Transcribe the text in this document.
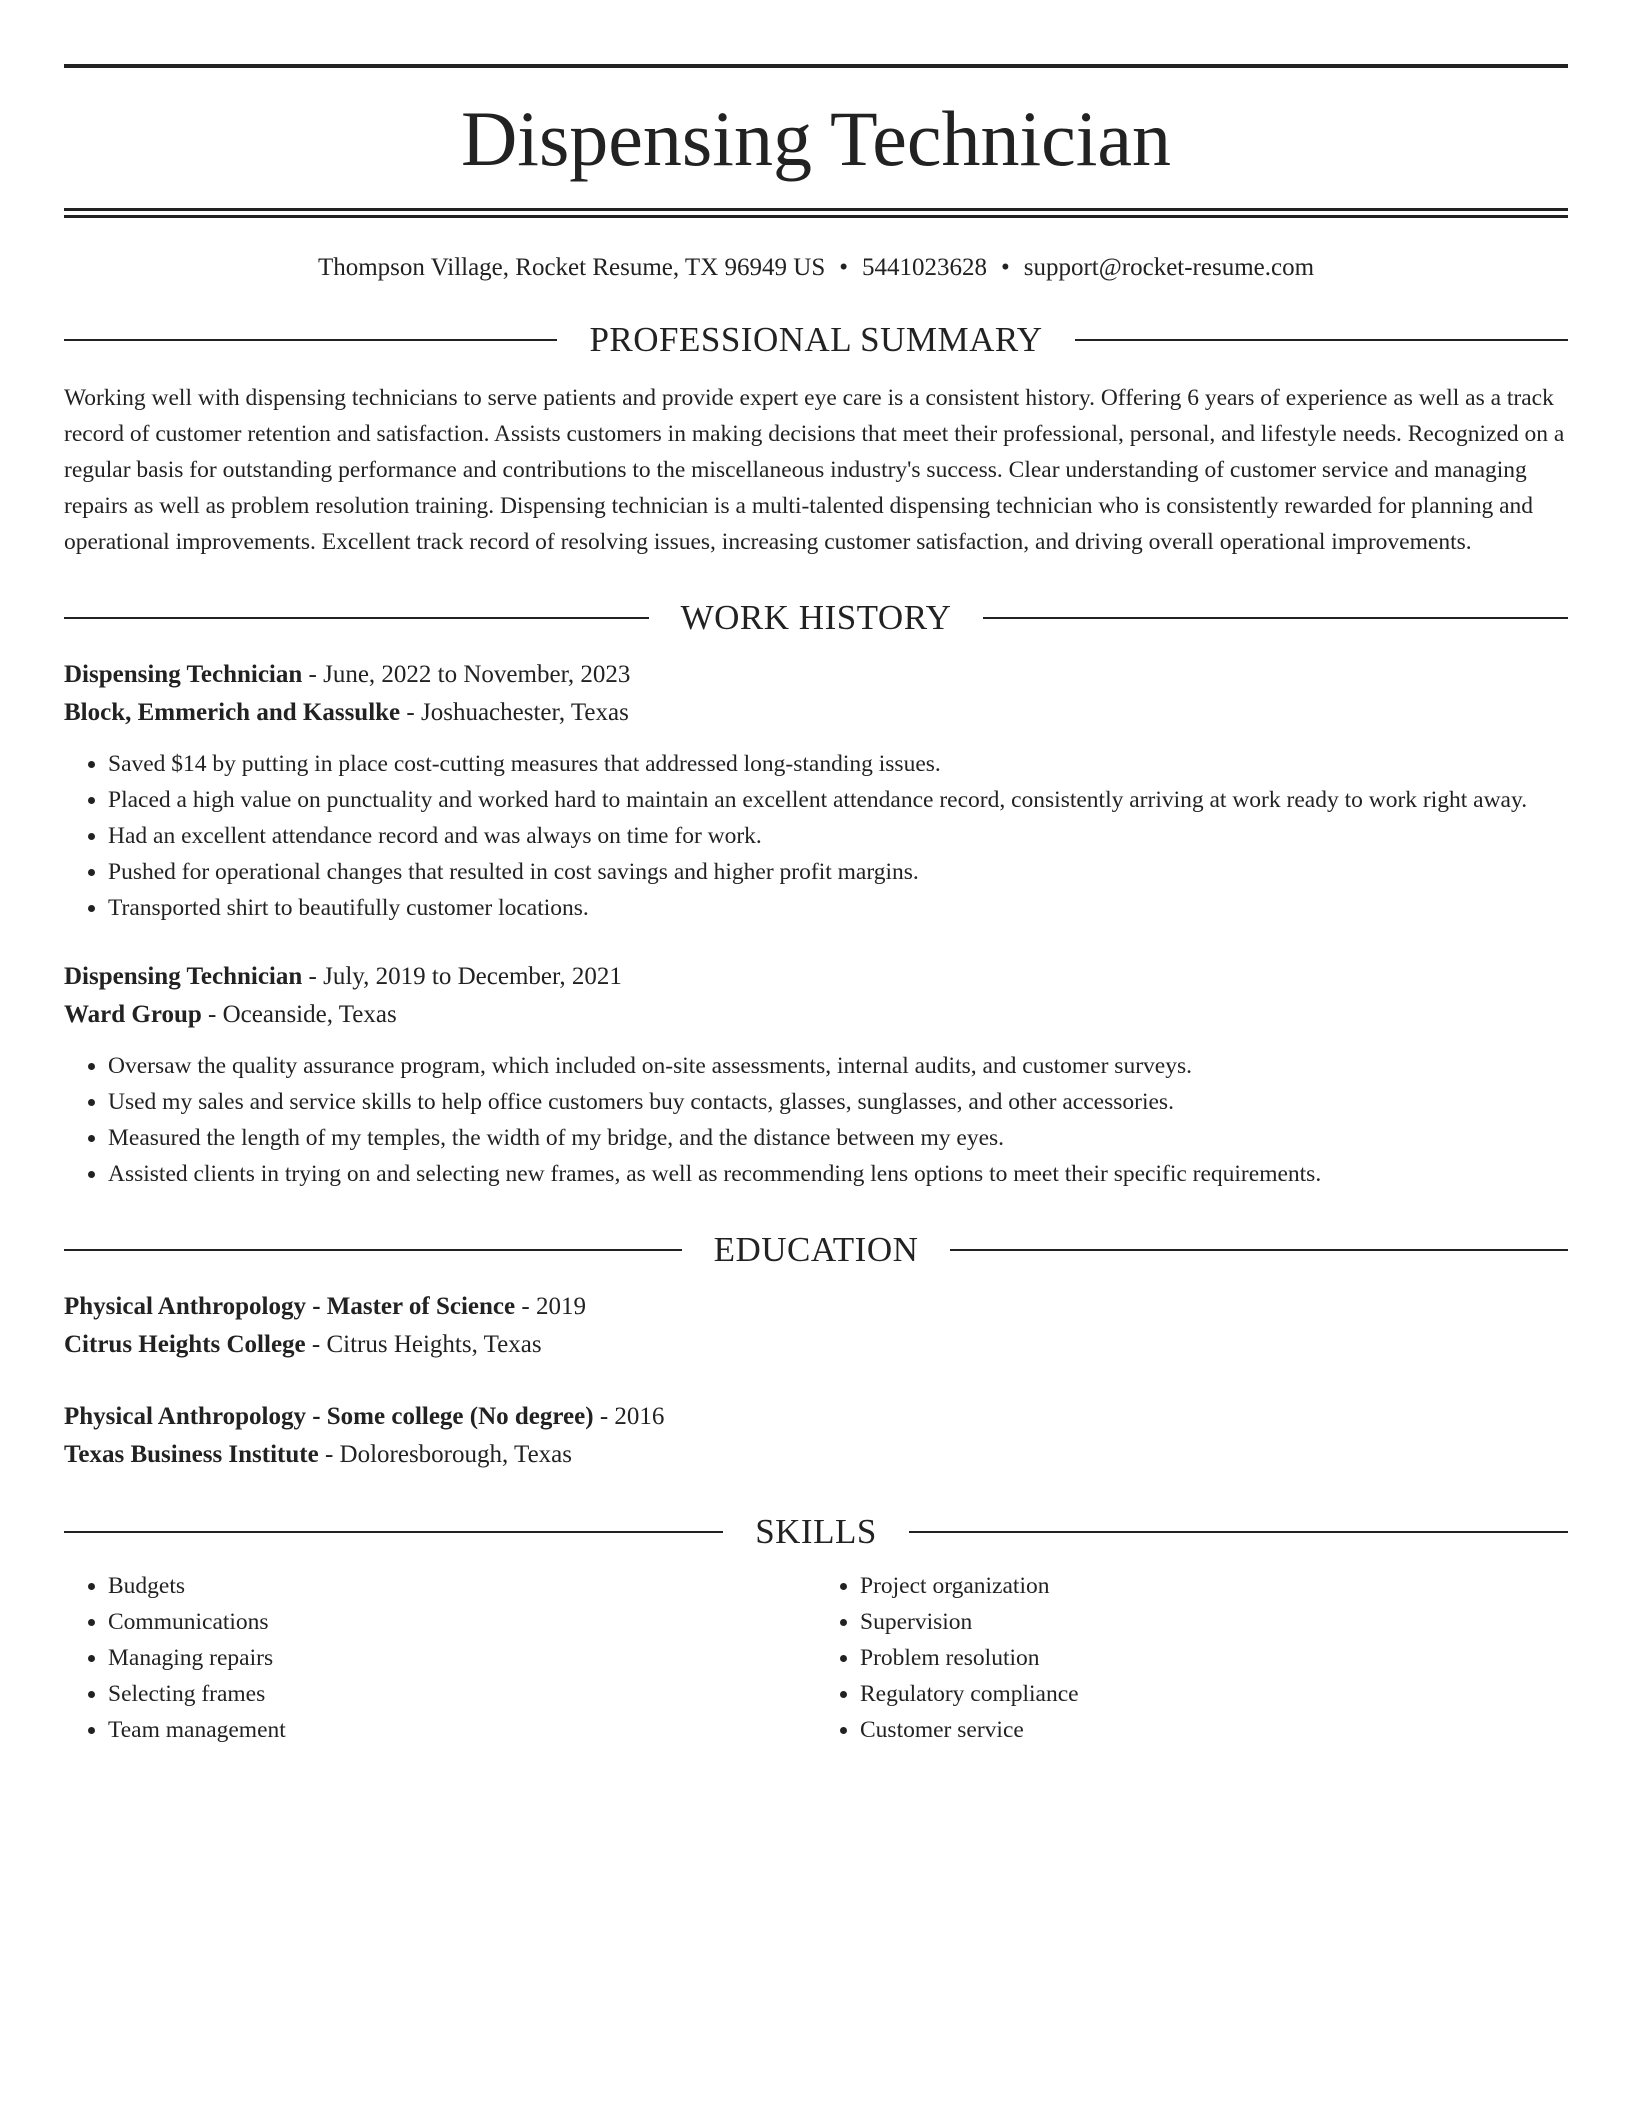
Dispensing Technician
Thompson Village, Rocket Resume, TX 96949 US • 5441023628 • support@rocket-resume.com
PROFESSIONAL SUMMARY
Working well with dispensing technicians to serve patients and provide expert eye care is a consistent history. Offering 6 years of experience as well as a track record of customer retention and satisfaction. Assists customers in making decisions that meet their professional, personal, and lifestyle needs. Recognized on a regular basis for outstanding performance and contributions to the miscellaneous industry's success. Clear understanding of customer service and managing repairs as well as problem resolution training. Dispensing technician is a multi-talented dispensing technician who is consistently rewarded for planning and operational improvements. Excellent track record of resolving issues, increasing customer satisfaction, and driving overall operational improvements.
WORK HISTORY
Dispensing Technician - June, 2022 to November, 2023
Block, Emmerich and Kassulke - Joshuachester, Texas
• Saved $14 by putting in place cost-cutting measures that addressed long-standing issues.
• Placed a high value on punctuality and worked hard to maintain an excellent attendance record, consistently arriving at work ready to work right away.
• Had an excellent attendance record and was always on time for work.
• Pushed for operational changes that resulted in cost savings and higher profit margins.
• Transported shirt to beautifully customer locations.
Dispensing Technician - July, 2019 to December, 2021
Ward Group - Oceanside, Texas
• Oversaw the quality assurance program, which included on-site assessments, internal audits, and customer surveys.
• Used my sales and service skills to help office customers buy contacts, glasses, sunglasses, and other accessories.
• Measured the length of my temples, the width of my bridge, and the distance between my eyes.
• Assisted clients in trying on and selecting new frames, as well as recommending lens options to meet their specific requirements.
EDUCATION
Physical Anthropology - Master of Science - 2019
Citrus Heights College - Citrus Heights, Texas
Physical Anthropology - Some college (No degree) - 2016
Texas Business Institute - Doloresborough, Texas
SKILLS
• Budgets
• Communications
• Managing repairs
• Selecting frames
• Team management
• Project organization
• Supervision
• Problem resolution
• Regulatory compliance
• Customer service
